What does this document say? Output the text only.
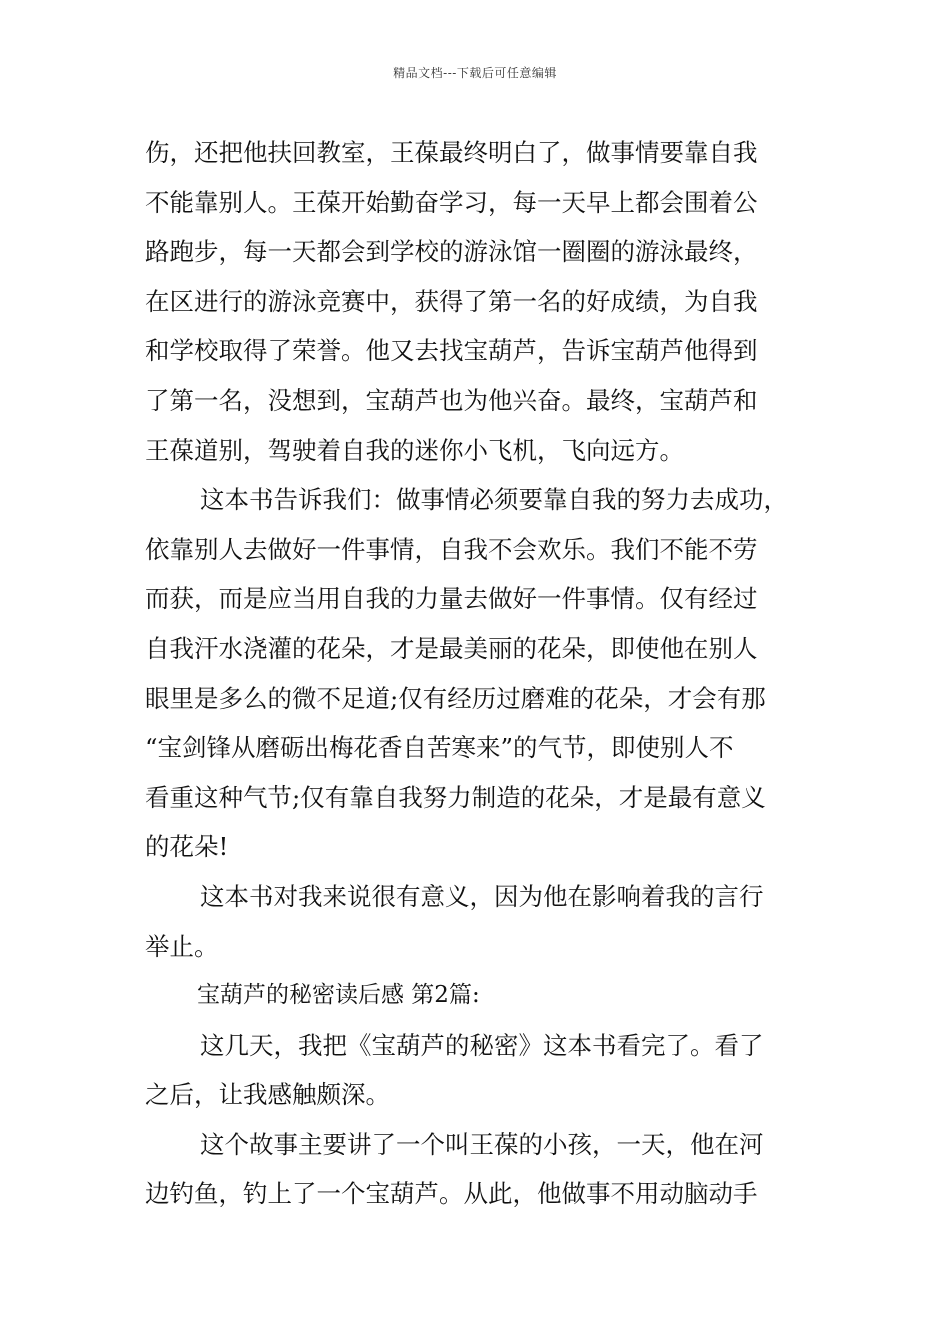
精品文档---下载后可任意编辑
伤，还把他扶回教室，王葆最终明白了，做事情要靠自我
不能靠别人。王葆开始勤奋学习，每一天早上都会围着公
路跑步，每一天都会到学校的游泳馆一圈圈的游泳最终，
在区进行的游泳竞赛中，获得了第一名的好成绩，为自我
和学校取得了荣誉。他又去找宝葫芦，告诉宝葫芦他得到
了第一名，没想到，宝葫芦也为他兴奋。最终，宝葫芦和
王葆道别，驾驶着自我的迷你小飞机，飞向远方。
这本书告诉我们：做事情必须要靠自我的努力去成功，
依靠别人去做好一件事情，自我不会欢乐。我们不能不劳
而获，而是应当用自我的力量去做好一件事情。仅有经过
自我汗水浇灌的花朵，才是最美丽的花朵，即使他在别人
眼里是多么的微不足道;仅有经历过磨难的花朵，才会有那
“宝剑锋从磨砺出梅花香自苦寒来”的气节，即使别人不
看重这种气节;仅有靠自我努力制造的花朵，才是最有意义
的花朵!
这本书对我来说很有意义，因为他在影响着我的言行
举止。
宝葫芦的秘密读后感 第2篇:
这几天，我把《宝葫芦的秘密》这本书看完了。看了
之后，让我感触颇深。
这个故事主要讲了一个叫王葆的小孩，一天，他在河
边钓鱼，钓上了一个宝葫芦。从此，他做事不用动脑动手
